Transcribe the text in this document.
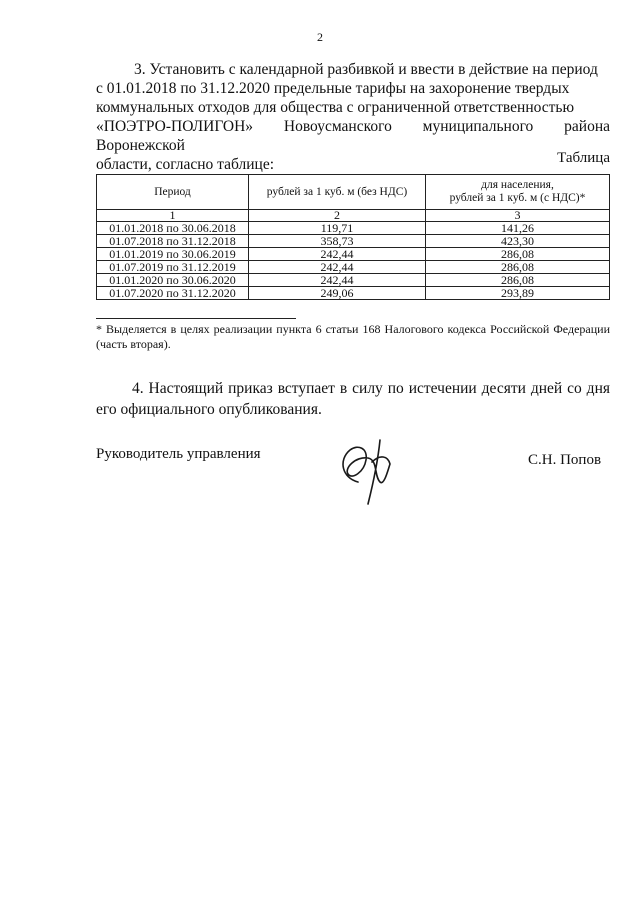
2
3. Установить с календарной разбивкой и ввести в действие на период
с 01.01.2018 по 31.12.2020 предельные тарифы на захоронение твердых
коммунальных отходов для общества с ограниченной ответственностью
«ПОЭТРО-ПОЛИГОН» Новоусманского муниципального района Воронежской
области, согласно таблице:	Таблица
Период	рублей за 1 куб. м (без НДС)	для населения,
рублей за 1 куб. м (с НДС)*
1	2	3
01.01.2018 по 30.06.2018	119,71	141,26
01.07.2018 по 31.12.2018	358,73	423,30
01.01.2019 по 30.06.2019	242,44	286,08
01.07.2019 по 31.12.2019	242,44	286,08
01.01.2020 по 30.06.2020	242,44	286,08
01.07.2020 по 31.12.2020	249,06	293,89
* Выделяется в целях реализации пункта 6 статьи 168 Налогового кодекса Российской Федерации (часть вторая).
4. Настоящий приказ вступает в силу по истечении десяти дней со дня его официального опубликования.
Руководитель управления	С.Н. Попов
